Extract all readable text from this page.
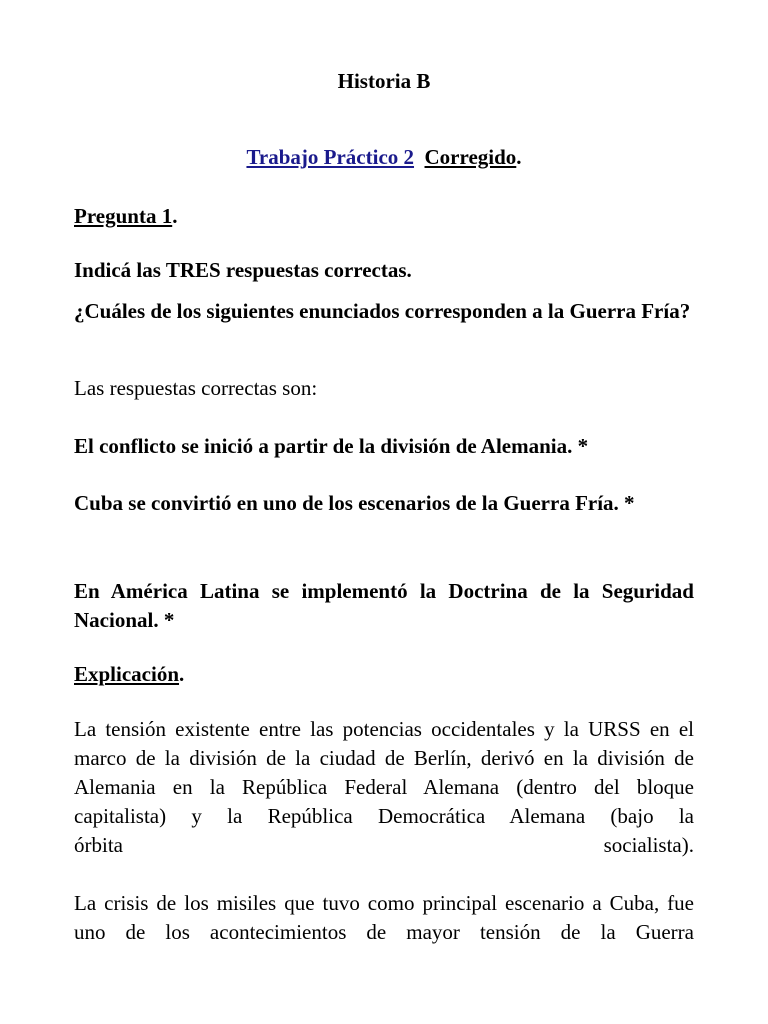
Historia B
Trabajo Práctico 2 Corregido.
Pregunta 1.
Indicá las TRES respuestas correctas.
¿Cuáles de los siguientes enunciados corresponden a la Guerra Fría?
Las respuestas correctas son:
El conflicto se inició a partir de la división de Alemania. *
Cuba se convirtió en uno de los escenarios de la Guerra Fría. *
En América Latina se implementó la Doctrina de la Seguridad Nacional. *
Explicación.
La tensión existente entre las potencias occidentales y la URSS en el marco de la división de la ciudad de Berlín, derivó en la división de Alemania en la República Federal Alemana (dentro del bloque capitalista) y la República Democrática Alemana (bajo la
órbita	socialista).
La crisis de los misiles que tuvo como principal escenario a Cuba, fue uno de los acontecimientos de mayor tensión de la Guerra
